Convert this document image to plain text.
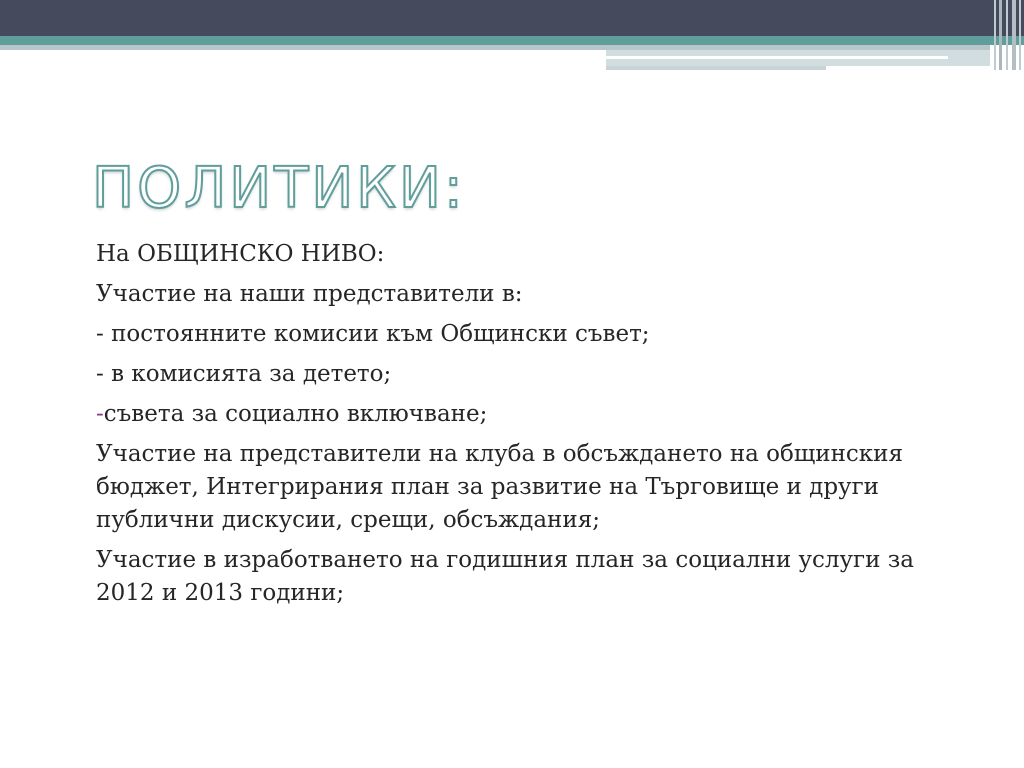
ПОЛИТИКИ:

На ОБЩИНСКО НИВО:

Участие на наши представители в:

- постоянните комисии към Общински съвет;

- в комисията за детето;

-съвета за социално включване;

Участие на представители на клуба в обсъждането на общинския бюджет, Интегрирания план за развитие на Търговище и други публични дискусии, срещи, обсъждания;

Участие в изработването на годишния план за социални услуги за 2012 и 2013 години;
